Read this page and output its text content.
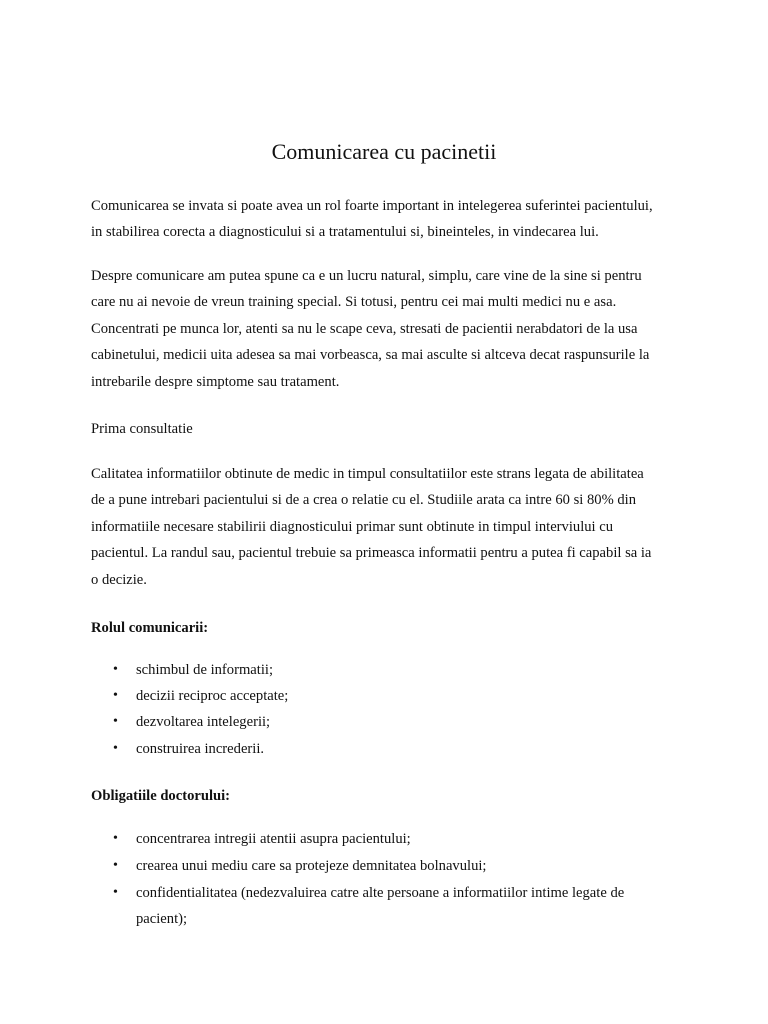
Comunicarea cu pacinetii

Comunicarea se invata si poate avea un rol foarte important in intelegerea suferintei pacientului,

in stabilirea corecta a diagnosticului si a tratamentului si, bineinteles, in vindecarea lui.

Despre comunicare am putea spune ca e un lucru natural, simplu, care vine de la sine si pentru

care nu ai nevoie de vreun training special. Si totusi, pentru cei mai multi medici nu e asa.

Concentrati pe munca lor, atenti sa nu le scape ceva, stresati de pacientii nerabdatori de la usa

cabinetului, medicii uita adesea sa mai vorbeasca, sa mai asculte si altceva decat raspunsurile la

intrebarile despre simptome sau tratament.

Prima consultatie

Calitatea informatiilor obtinute de medic in timpul consultatiilor este strans legata de abilitatea

de a pune intrebari pacientului si de a crea o relatie cu el. Studiile arata ca intre 60 si 80% din

informatiile necesare stabilirii diagnosticului primar sunt obtinute in timpul interviului cu

pacientul. La randul sau, pacientul trebuie sa primeasca informatii pentru a putea fi capabil sa ia

o decizie.

Rolul comunicarii:

• schimbul de informatii;
• decizii reciproc acceptate;
• dezvoltarea intelegerii;
• construirea increderii.

Obligatiile doctorului:

• concentrarea intregii atentii asupra pacientului;
• crearea unui mediu care sa protejeze demnitatea bolnavului;
• confidentialitatea (nedezvaluirea catre alte persoane a informatiilor intime legate de
pacient);
